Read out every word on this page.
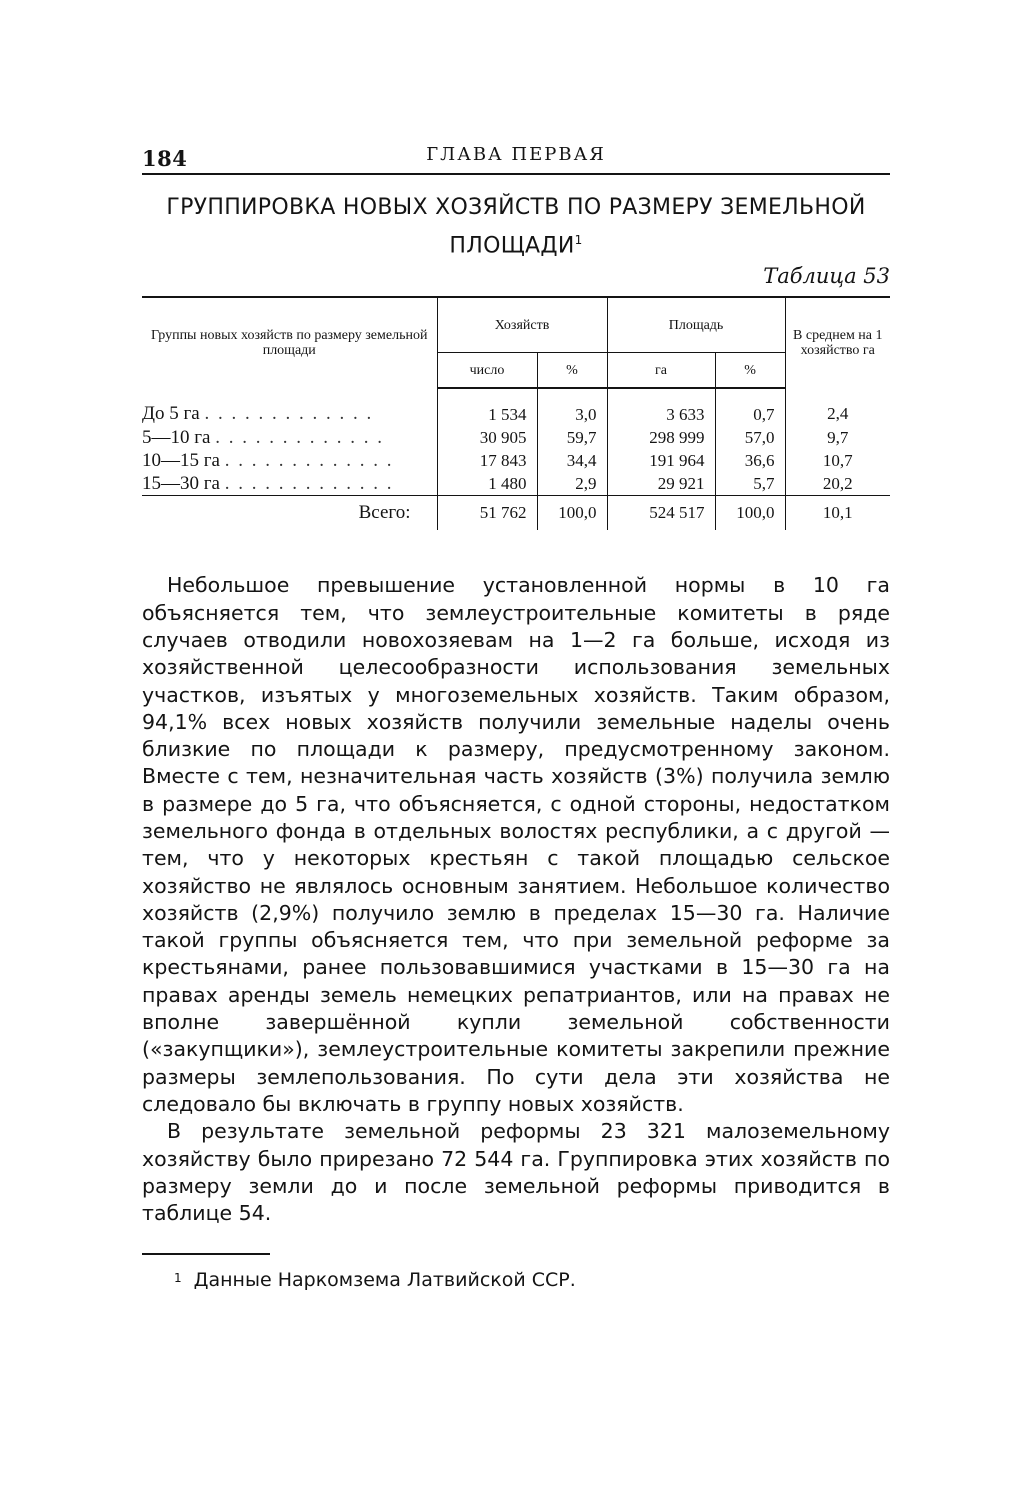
184	ГЛАВА ПЕРВАЯ
ГРУППИРОВКА НОВЫХ ХОЗЯЙСТВ ПО РАЗМЕРУ ЗЕМЕЛЬНОЙ ПЛОЩАДИ$^1$
Таблица 53
Группы новых хозяйств по размеру земельной площади	Хозяйств		Площадь		В среднем на 1 хозяйство га
	число	%	га	%	
До 5 га . . . . . . . . . . . . .	1 534	3,0	3 633	0,7	2,4
5—10 га . . . . . . . . . . . . .	30 905	59,7	298 999	57,0	9,7
10—15 га . . . . . . . . . . . . .	17 843	34,4	191 964	36,6	10,7
15—30 га . . . . . . . . . . . . .	1 480	2,9	29 921	5,7	20,2
Всего:	51 762	100,0	524 517	100,0	10,1

Небольшое превышение установленной нормы в 10 га объясняется тем, что землеустроительные комитеты в ряде случаев отводили новохозяевам на 1—2 га больше, исходя из хозяйственной целесообразности использования земельных участков, изъятых у многоземельных хозяйств. Таким образом, 94,1% всех новых хозяйств получили земельные наделы очень близкие по площади к размеру, предусмотренному законом. Вместе с тем, незначительная часть хозяйств (3%) получила землю в размере до 5 га, что объясняется, с одной стороны, недостатком земельного фонда в отдельных волостях республики, а с другой — тем, что у некоторых крестьян с такой площадью сельское хозяйство не являлось основным занятием. Небольшое количество хозяйств (2,9%) получило землю в пределах 15—30 га. Наличие такой группы объясняется тем, что при земельной реформе за крестьянами, ранее пользовавшимися участками в 15—30 га на правах аренды земель немецких репатриантов, или на правах не вполне завершённой купли земельной собственности («закупщики»), землеустроительные комитеты закрепили прежние размеры землепользования. По сути дела эти хозяйства не следовало бы включать в группу новых хозяйств.

В результате земельной реформы 23 321 малоземельному хозяйству было прирезано 72 544 га. Группировка этих хозяйств по размеру земли до и после земельной реформы приводится в таблице 54.

$^1$ Данные Наркомзема Латвийской ССР.
